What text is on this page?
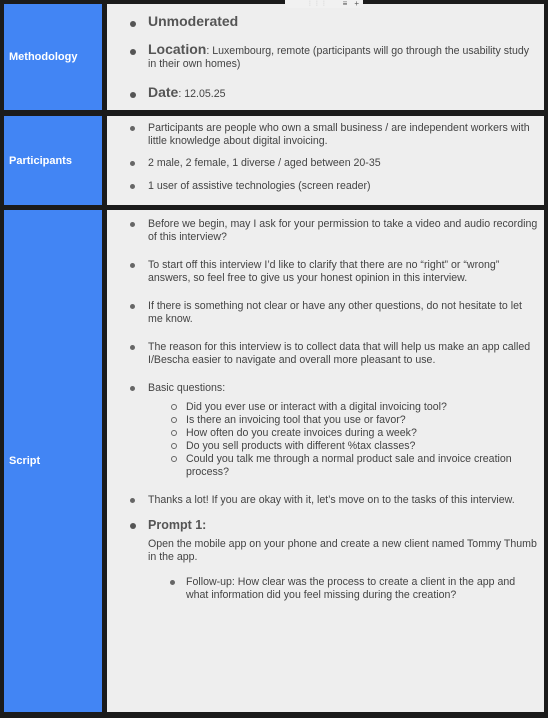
⋮⋮⋮ ≡ +
Methodology
Unmoderated
Location: Luxembourg, remote (participants will go through the usability study in their own homes)
Date: 12.05.25
Participants
Participants are people who own a small business / are independent workers with little knowledge about digital invoicing.
2 male, 2 female, 1 diverse / aged between 20-35
1 user of assistive technologies (screen reader)
Script
Before we begin, may I ask for your permission to take a video and audio recording of this interview?
To start off this interview I’d like to clarify that there are no “right” or “wrong” answers, so feel free to give us your honest opinion in this interview.
If there is something not clear or have any other questions, do not hesitate to let me know.
The reason for this interview is to collect data that will help us make an app called I/Bescha easier to navigate and overall more pleasant to use.
Basic questions:
Did you ever use or interact with a digital invoicing tool?
Is there an invoicing tool that you use or favor?
How often do you create invoices during a week?
Do you sell products with different %tax classes?
Could you talk me through a normal product sale and invoice creation process?
Thanks a lot! If you are okay with it, let’s move on to the tasks of this interview.
Prompt 1:
Open the mobile app on your phone and create a new client named Tommy Thumb in the app.
Follow-up: How clear was the process to create a client in the app and what information did you feel missing during the creation?
